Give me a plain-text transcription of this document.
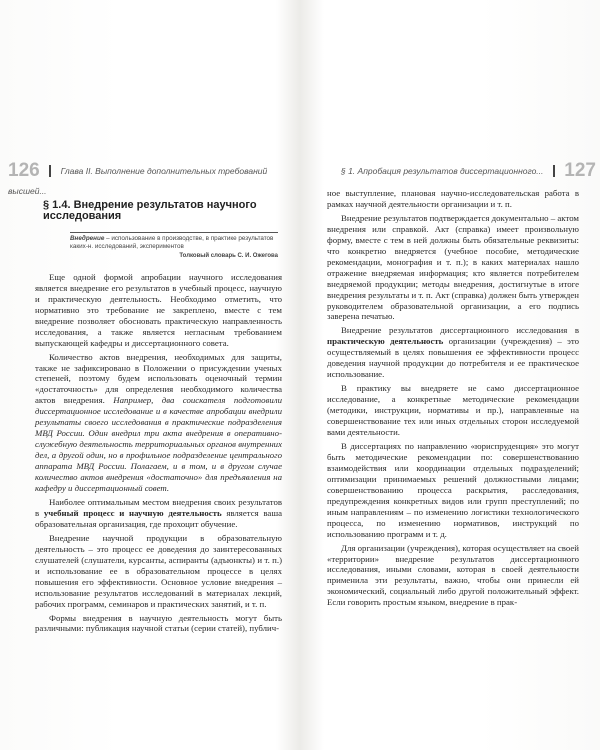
126 Глава II. Выполнение дополнительных требований высшей...
§ 1. Апробация результатов диссертационного... 127
§ 1.4. Внедрение результатов научного исследования
Внедрение – использование в производстве, в практике результатов каких-н. исследований, экспериментов
Толковый словарь С. И. Ожегова

Еще одной формой апробации научного исследования является внедрение его результатов в учебный процесс, научную и практическую деятельность. Необходимо отметить, что нормативно это требование не закреплено, вместе с тем внедрение позволяет обосновать практическую направленность исследования, а также является негласным требованием выпускающей кафедры и диссертационного совета.

Количество актов внедрения, необходимых для защиты, также не зафиксировано в Положении о присуждении ученых степеней, поэтому будем использовать оценочный термин «достаточность» для определения необходимого количества актов внедрения. Например, два соискателя подготовили диссертационное исследование и в качестве апробации внедрили результаты своего исследования в практические подразделения МВД России. Один внедрил три акта внедрения в оперативно-служебную деятельность территориальных органов внутренних дел, а другой один, но в профильное подразделение центрального аппарата МВД России. Полагаем, и в том, и в другом случае количество актов внедрения «достаточно» для предъявления на кафедру и диссертационный совет.

Наиболее оптимальным местом внедрения своих результатов в учебный процесс и научную деятельность является ваша образовательная организация, где прохоцит обучение.

Внедрение научной продукции в образовательную деятельность – это процесс ее доведения до заинтересованных слушателей (слушатели, курсанты, аспиранты (адъюнкты) и т. п.) и использование ее в образовательном процессе в целях повышения его эффективности. Основное условие внедрения – использование результатов исследований в материалах лекций, рабочих программ, семинаров и практических занятий, и т. п.

Формы внедрения в научную деятельность могут быть различными: публикация научной статьи (серии статей), публич-

ное выступление, плановая научно-исследовательская работа в рамках научной деятельности организации и т. п.

Внедрение результатов подтверждается документально – актом внедрения или справкой. Акт (справка) имеет произвольную форму, вместе с тем в ней должны быть обязательные реквизиты: что конкретно внедряется (учебное пособие, методические рекомендации, монография и т. п.); в каких материалах нашло отражение внедряемая информация; кто является потребителем внедряемой продукции; методы внедрения, достигнутые в итоге внедрения результаты и т. п. Акт (справка) должен быть утвержден руководителем образовательной организации, а его подпись заверена печатью.

Внедрение результатов диссертационного исследования в практическую деятельность организации (учреждения) – это осуществляемый в целях повышения ее эффективности процесс доведения научной продукции до потребителя и ее практическое использование.

В практику вы внедряете не само диссертационное исследование, а конкретные методические рекомендации (методики, инструкции, нормативы и пр.), направленные на совершенствование тех или иных отдельных сторон исследуемой вами деятельности.

В диссертациях по направлению «юриспруденция» это могут быть методические рекомендации по: совершенствованию взаимодействия или координации отдельных подразделений; оптимизации принимаемых решений должностными лицами; совершенствованию процесса раскрытия, расследования, предупреждения конкретных видов или групп преступлений; по иным направлениям – по изменению логистики технологического процесса, по изменению нормативов, инструкций по использованию программ и т. д.

Для организации (учреждения), которая осуществляет на своей «территории» внедрение результатов диссертационного исследования, иными словами, которая в своей деятельности применила эти результаты, важно, чтобы они принесли ей экономический, социальный либо другой положительный эффект. Если говорить простым языком, внедрение в прак-
